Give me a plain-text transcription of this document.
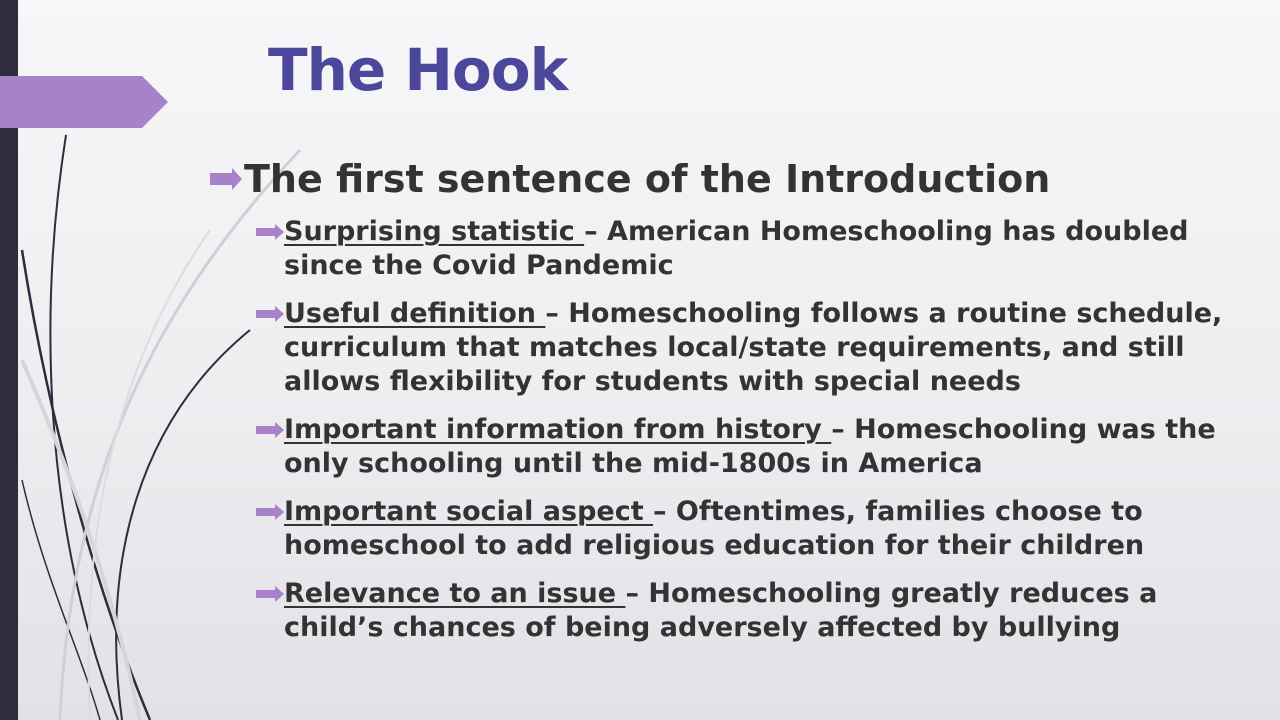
The Hook
The first sentence of the Introduction
Surprising statistic – American Homeschooling has doubled since the Covid Pandemic
Useful definition – Homeschooling follows a routine schedule, curriculum that matches local/state requirements, and still allows flexibility for students with special needs
Important information from history – Homeschooling was the only schooling until the mid-1800s in America
Important social aspect – Oftentimes, families choose to homeschool to add religious education for their children
Relevance to an issue – Homeschooling greatly reduces a child’s chances of being adversely affected by bullying
